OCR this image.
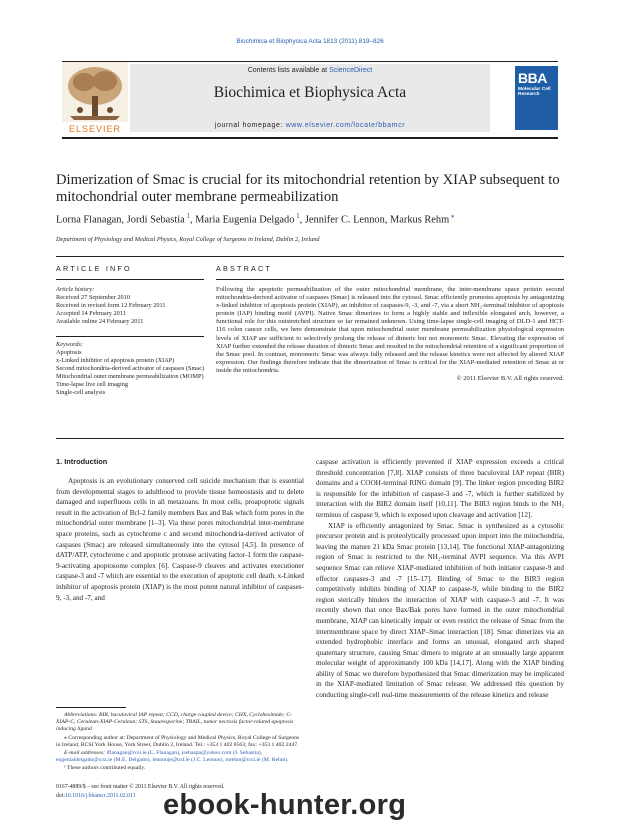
Biochimica et Biophysica Acta 1813 (2011) 819–826
Contents lists available at ScienceDirect
Biochimica et Biophysica Acta
journal homepage: www.elsevier.com/locate/bbamcr
ELSEVIER
BBA
Molecular Cell Research
Dimerization of Smac is crucial for its mitochondrial retention by XIAP subsequent to mitochondrial outer membrane permeabilization
Lorna Flanagan, Jordi Sebastia $^1$, Maria Eugenia Delgado $^1$, Jennifer C. Lennon, Markus Rehm ⁎
Department of Physiology and Medical Physics, Royal College of Surgeons in Ireland, Dublin 2, Ireland
ARTICLE INFO	ABSTRACT
Article history:
Received 27 September 2010
Received in revised form 12 February 2011
Accepted 14 February 2011
Available online 24 February 2011
Keywords:
Apoptosis
x-Linked inhibitor of apoptosis protein (XIAP)
Second mitochondria-derived activator of caspases (Smac)
Mitochondrial outer membrane permeabilization (MOMP)
Time-lapse live cell imaging
Single-cell analysis
Following the apoptotic permeabilization of the outer mitochondrial membrane, the inter-membrane space protein second mitochondria-derived activator of caspases (Smac) is released into the cytosol. Smac efficiently promotes apoptosis by antagonizing x-linked inhibitor of apoptosis protein (XIAP), an inhibitor of caspases-9, -3, and -7, via a short NH₂-terminal inhibitor of apoptosis protein (IAP) binding motif (AVPI). Native Smac dimerizes to form a highly stable and inflexible elongated arch, however, a functional role for this outstretched structure so far remained unknown. Using time-lapse single-cell imaging of DLD-1 and HCT-116 colon cancer cells, we here demonstrate that upon mitochondrial outer membrane permeabilization physiological expression levels of XIAP are sufficient to selectively prolong the release of dimeric but not monomeric Smac. Elevating the expression of XIAP further extended the release duration of dimeric Smac and resulted in the mitochondrial retention of a significant proportion of the Smac pool. In contrast, monomeric Smac was always fully released and the release kinetics were not affected by altered XIAP expression. Our findings therefore indicate that the dimerization of Smac is critical for the XIAP-mediated retention of Smac at or inside the mitochondria.
© 2011 Elsevier B.V. All rights reserved.
1. Introduction
Apoptosis is an evolutionary conserved cell suicide mechanism that is essential from developmental stages to adulthood to provide tissue homeostasis and to delete damaged and superfluous cells in all metazoans. In most cells, proapoptotic signals result in the activation of Bcl-2 family members Bax and Bak which form pores in the mitochondrial outer membrane [1–3]. Via these pores mitochondrial inter-membrane space proteins, such as cytochrome c and second mitochondria-derived activator of caspases (Smac) are released simultaneously into the cytosol [4,5]. In presence of dATP/ATP, cytochrome c and apoptotic protease activating factor-1 form the caspase-9-activating apoptosome complex [6]. Caspase-9 cleaves and activates executioner caspase-3 and -7 which are essential to the execution of apoptotic cell death. x-Linked inhibitor of apoptosis protein (XIAP) is the most potent natural inhibitor of caspases-9, -3, and -7, and

caspase activation is efficiently prevented if XIAP expression exceeds a critical threshold concentration [7,8]. XIAP consists of three baculoviral IAP repeat (BIR) domains and a COOH-terminal RING domain [9]. The linker region preceding BIR2 is responsible for the inhibition of caspase-3 and -7, which is further stabilized by interaction with the BIR2 domain itself [10,11]. The BIR3 region binds to the NH₂ terminus of caspase 9, which is exposed upon cleavage and activation [12].

XIAP is efficiently antagonized by Smac. Smac is synthesized as a cytosolic precursor protein and is proteolytically processed upon import into the mitochondria, leaving the mature 21 kDa Smac protein [13,14]. The functional XIAP-antagonizing region of Smac is restricted to the NH₂-terminal AVPI sequence. Via this AVPI sequence Smac can relieve XIAP-mediated inhibition of both initiator caspase-9 and effector caspases-3 and -7 [15–17]. Binding of Smac to the BIR3 region competitively inhibits binding of XIAP to caspase-9, while binding to the BIR2 region sterically hinders the interaction of XIAP with caspase-3 and -7. It was recently shown that once Bax/Bak pores have formed in the outer mitochondrial membrane, XIAP can kinetically impair or even restrict the release of Smac from the intermembrane space by direct XIAP–Smac interaction [18]. Smac dimerizes via an extended hydrophobic interface and forms an unusual, elongated arch shaped quaternary structure, causing Smac dimers to migrate at an unusually large apparent molecular weight of approximately 100 kDa [14,17]. Along with the XIAP binding ability of Smac we therefore hypothesized that Smac dimerization may be implicated in the XIAP-mediated limitation of Smac release. We addressed this question by conducting single-cell real-time measurements of the release kinetics and release

Abbreviations: BIR, baculoviral IAP repeat; CCD, charge coupled device; CHX, Cycloheximide; C-XIAP-C, Cerulean-XIAP-Cerulean; STS, Staurosporine; TRAIL, tumor necrosis factor-related apoptosis inducing ligand

⁎ Corresponding author at: Department of Physiology and Medical Physics, Royal College of Surgeons in Ireland, RCSI York House, York Street, Dublin 2, Ireland. Tel.: +353 1 402 8563; fax: +353 1 402 2447.

E-mail addresses: lflanagan@rcsi.ie (L. Flanagan), jsebaspa@yahoo.com (J. Sebastia), eugenialdelgado@rcsi.ie (M.E. Delgado), lennonje@tcd.ie (J.C. Lennon), mrehm@rcsi.ie (M. Rehm).

¹ These authors contributed equally.

0167-4889/$ – see front matter © 2011 Elsevier B.V. All rights reserved.
doi:10.1016/j.bbamcr.2011.02.011 ebook-hunter.org
